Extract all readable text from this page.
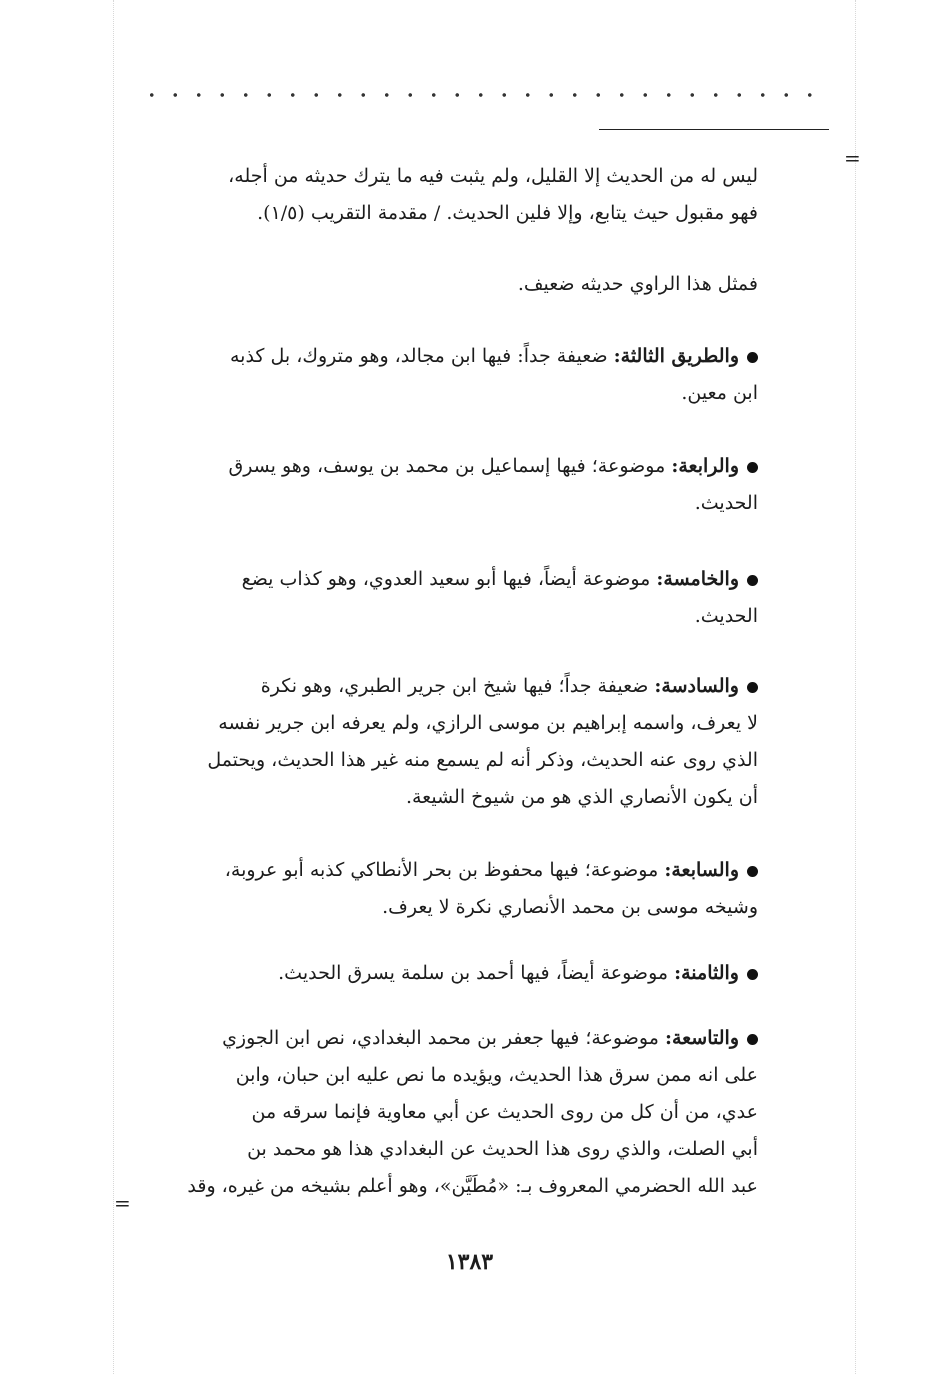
=
ليس له من الحديث إلا القليل، ولم يثبت فيه ما يترك حديثه من أجله،
فهو مقبول حيث يتابع، وإلا فلين الحديث. / مقدمة التقريب (١/٥).
فمثل هذا الراوي حديثه ضعيف.
والطريق الثالثة: ضعيفة جداً: فيها ابن مجالد، وهو متروك، بل كذبه
ابن معين.
والرابعة: موضوعة؛ فيها إسماعيل بن محمد بن يوسف، وهو يسرق
الحديث.
والخامسة: موضوعة أيضاً، فيها أبو سعيد العدوي، وهو كذاب يضع
الحديث.
والسادسة: ضعيفة جداً؛ فيها شيخ ابن جرير الطبري، وهو نكرة
لا يعرف، واسمه إبراهيم بن موسى الرازي، ولم يعرفه ابن جرير نفسه
الذي روى عنه الحديث، وذكر أنه لم يسمع منه غير هذا الحديث، ويحتمل
أن يكون الأنصاري الذي هو من شيوخ الشيعة.
والسابعة: موضوعة؛ فيها محفوظ بن بحر الأنطاكي كذبه أبو عروبة،
وشيخه موسى بن محمد الأنصاري نكرة لا يعرف.
والثامنة: موضوعة أيضاً، فيها أحمد بن سلمة يسرق الحديث.
والتاسعة: موضوعة؛ فيها جعفر بن محمد البغدادي، نص ابن الجوزي
على انه ممن سرق هذا الحديث، ويؤيده ما نص عليه ابن حبان، وابن
عدي، من أن كل من روى الحديث عن أبي معاوية فإنما سرقه من
أبي الصلت، والذي روى هذا الحديث عن البغدادي هذا هو محمد بن
عبد الله الحضرمي المعروف بـ: «مُطَيَّن»، وهو أعلم بشيخه من غيره، وقد
=
١٣٨٣
